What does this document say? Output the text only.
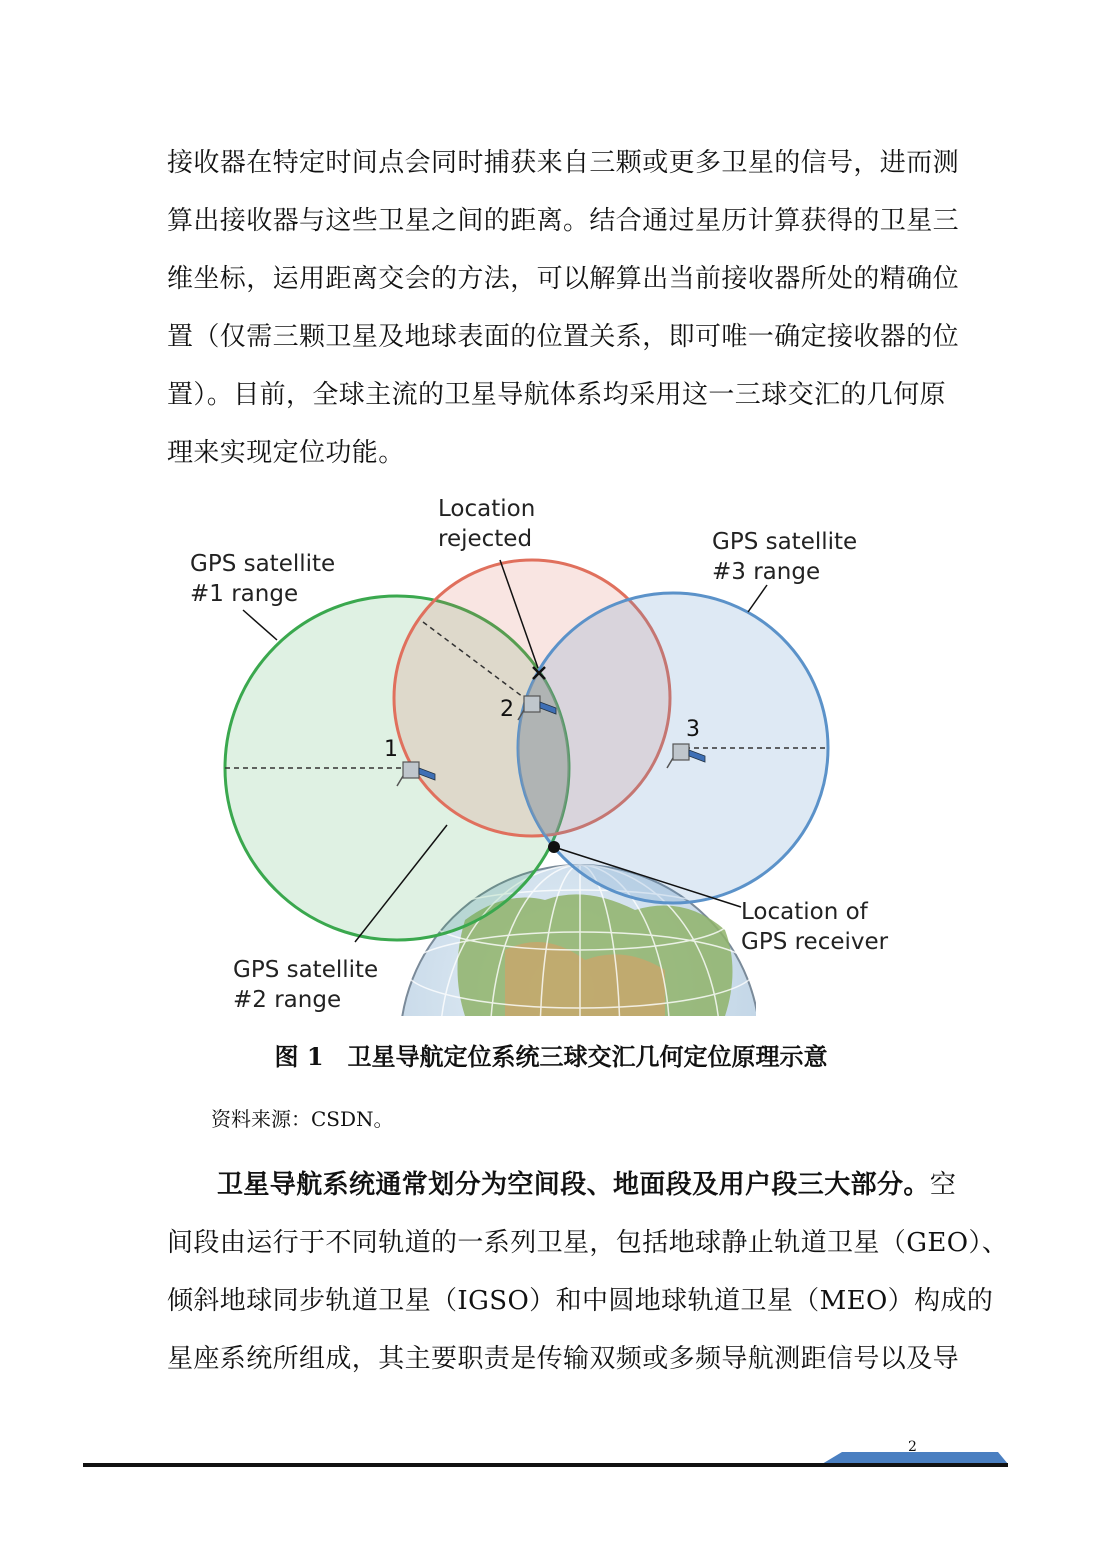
接收器在特定时间点会同时捕获来自三颗或更多卫星的信号，进而测
算出接收器与这些卫星之间的距离。结合通过星历计算获得的卫星三
维坐标，运用距离交会的方法，可以解算出当前接收器所处的精确位
置（仅需三颗卫星及地球表面的位置关系，即可唯一确定接收器的位
置）。目前，全球主流的卫星导航体系均采用这一三球交汇的几何原
理来实现定位功能。
1
2
3
Location
rejected
GPS satellite
#1 range
GPS satellite
#3 range
GPS satellite
#2 range
Location of
GPS receiver
图 1　卫星导航定位系统三球交汇几何定位原理示意
资料来源：CSDN。
卫星导航系统通常划分为空间段、地面段及用户段三大部分。空
间段由运行于不同轨道的一系列卫星，包括地球静止轨道卫星（GEO）、
倾斜地球同步轨道卫星（IGSO）和中圆地球轨道卫星（MEO）构成的
星座系统所组成，其主要职责是传输双频或多频导航测距信号以及导
2
